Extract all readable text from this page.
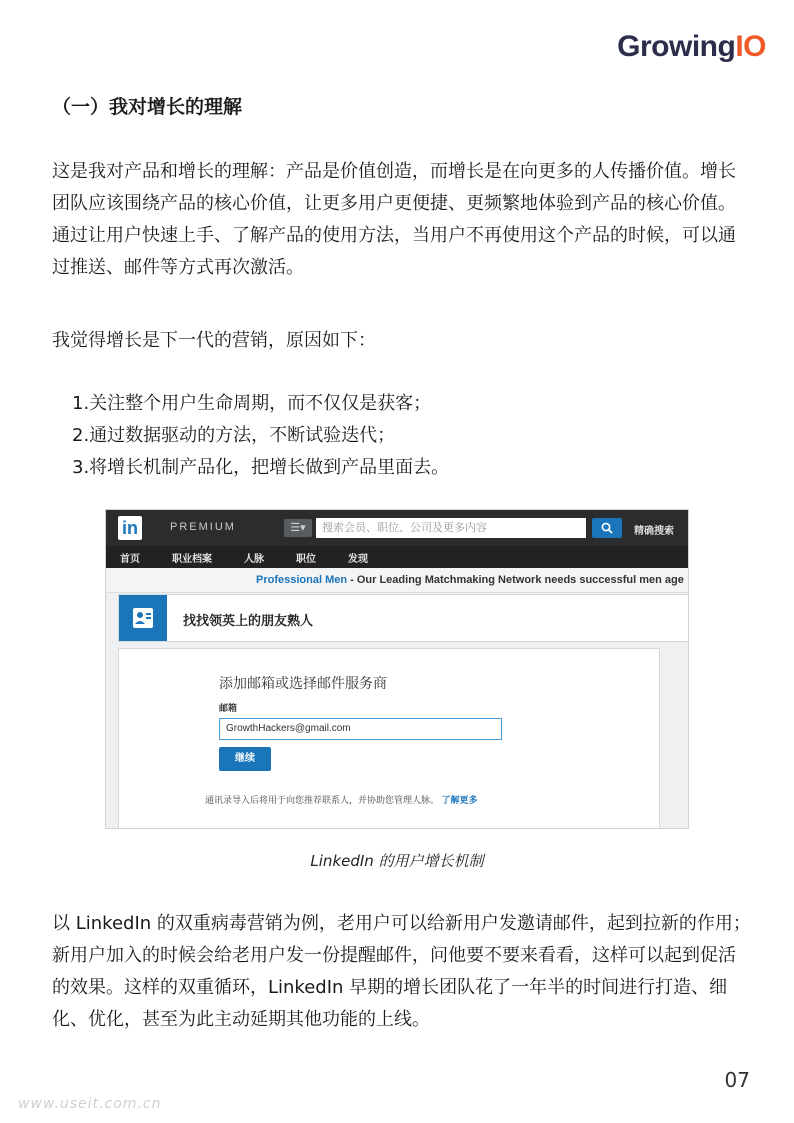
GrowingIO
（一）我对增长的理解

这是我对产品和增长的理解：产品是价值创造，而增长是在向更多的人传播价值。增长团队应该围绕产品的核心价值，让更多用户更便捷、更频繁地体验到产品的核心价值。通过让用户快速上手、了解产品的使用方法，当用户不再使用这个产品的时候，可以通过推送、邮件等方式再次激活。

我觉得增长是下一代的营销，原因如下：

1.关注整个用户生命周期，而不仅仅是获客；
2.通过数据驱动的方法，不断试验迭代；
3.将增长机制产品化，把增长做到产品里面去。
in	PREMIUM	☰▾	搜索会员、职位、公司及更多内容	精确搜索
首页	职业档案	人脉	职位	发现
Professional Men - Our Leading Matchmaking Network needs successful men age
找找领英上的朋友熟人
添加邮箱或选择邮件服务商
邮箱
GrowthHackers@gmail.com
继续
通讯录导入后将用于向您推荐联系人，并协助您管理人脉。 了解更多
LinkedIn 的用户增长机制

以 LinkedIn 的双重病毒营销为例，老用户可以给新用户发邀请邮件，起到拉新的作用；新用户加入的时候会给老用户发一份提醒邮件，问他要不要来看看，这样可以起到促活的效果。这样的双重循环，LinkedIn 早期的增长团队花了一年半的时间进行打造、细化、优化，甚至为此主动延期其他功能的上线。

07
www.useit.com.cn
